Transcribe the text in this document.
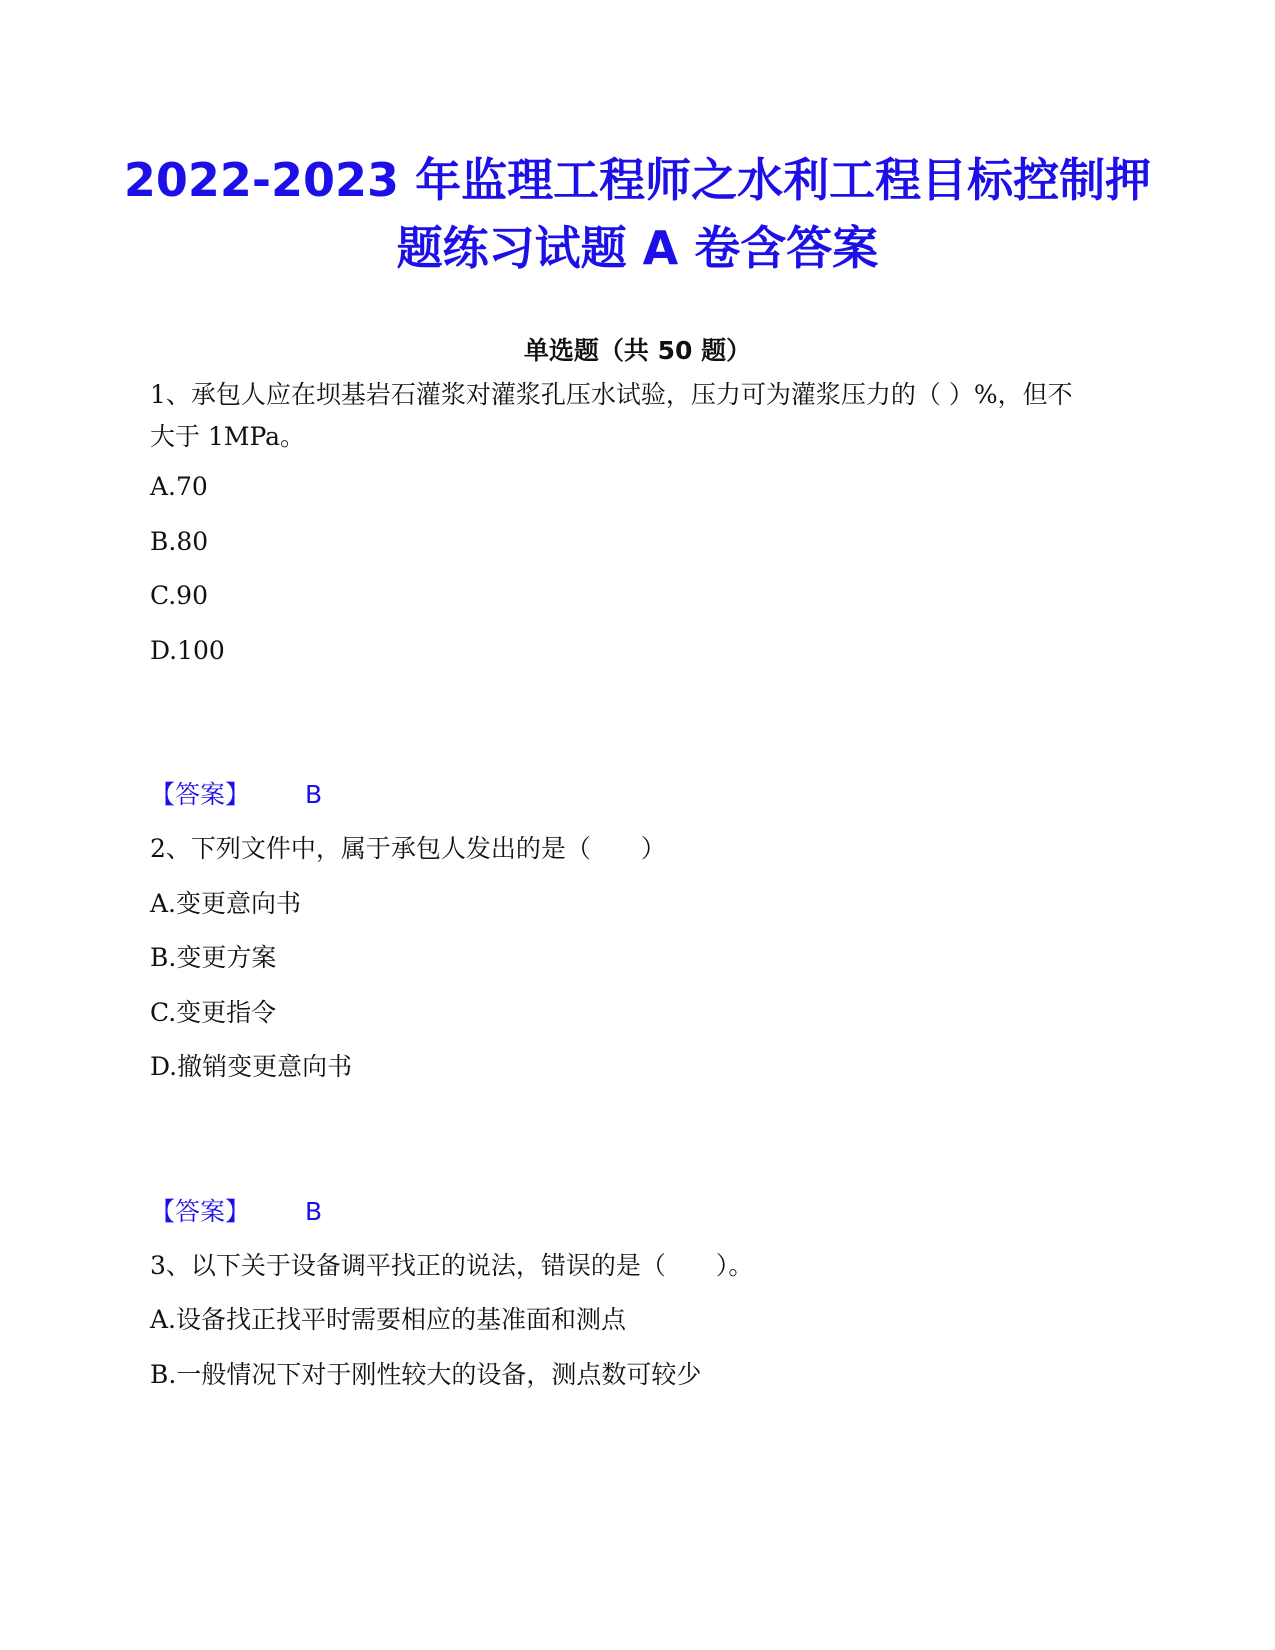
2022-2023 年监理工程师之水利工程目标控制押题练习试题 A 卷含答案
单选题（共 50 题）
1、承包人应在坝基岩石灌浆对灌浆孔压水试验，压力可为灌浆压力的（ ）%，但不大于 1MPa。
A.70
B.80
C.90
D.100
【答案】 B
2、下列文件中，属于承包人发出的是（　　）
A.变更意向书
B.变更方案
C.变更指令
D.撤销变更意向书
【答案】 B
3、以下关于设备调平找正的说法，错误的是（　　）。
A.设备找正找平时需要相应的基准面和测点
B.一般情况下对于刚性较大的设备，测点数可较少
